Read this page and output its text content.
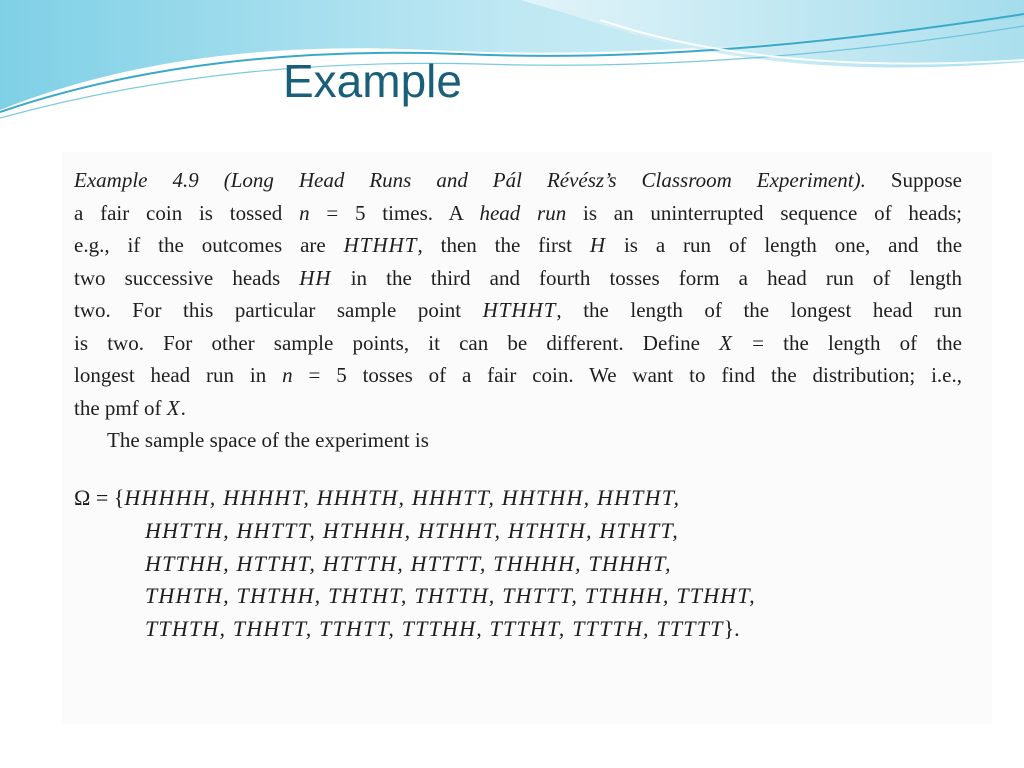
Example
Example 4.9 (Long Head Runs and Pál Révész’s Classroom Experiment). Suppose
a fair coin is tossed n = 5 times. A head run is an uninterrupted sequence of heads;
e.g., if the outcomes are HTHHT, then the first H is a run of length one, and the
two successive heads HH in the third and fourth tosses form a head run of length
two. For this particular sample point HTHHT, the length of the longest head run
is two. For other sample points, it can be different. Define X = the length of the
longest head run in n = 5 tosses of a fair coin. We want to find the distribution; i.e.,
the pmf of X.
The sample space of the experiment is
Ω = {HHHHH, HHHHT, HHHTH, HHHTT, HHTHH, HHTHT,
HHTTH, HHTTT, HTHHH, HTHHT, HTHTH, HTHTT,
HTTHH, HTTHT, HTTTH, HTTTT, THHHH, THHHT,
THHTH, THTHH, THTHT, THTTH, THTTT, TTHHH, TTHHT,
TTHTH, THHTT, TTHTT, TTTHH, TTTHT, TTTTH, TTTTT}.
